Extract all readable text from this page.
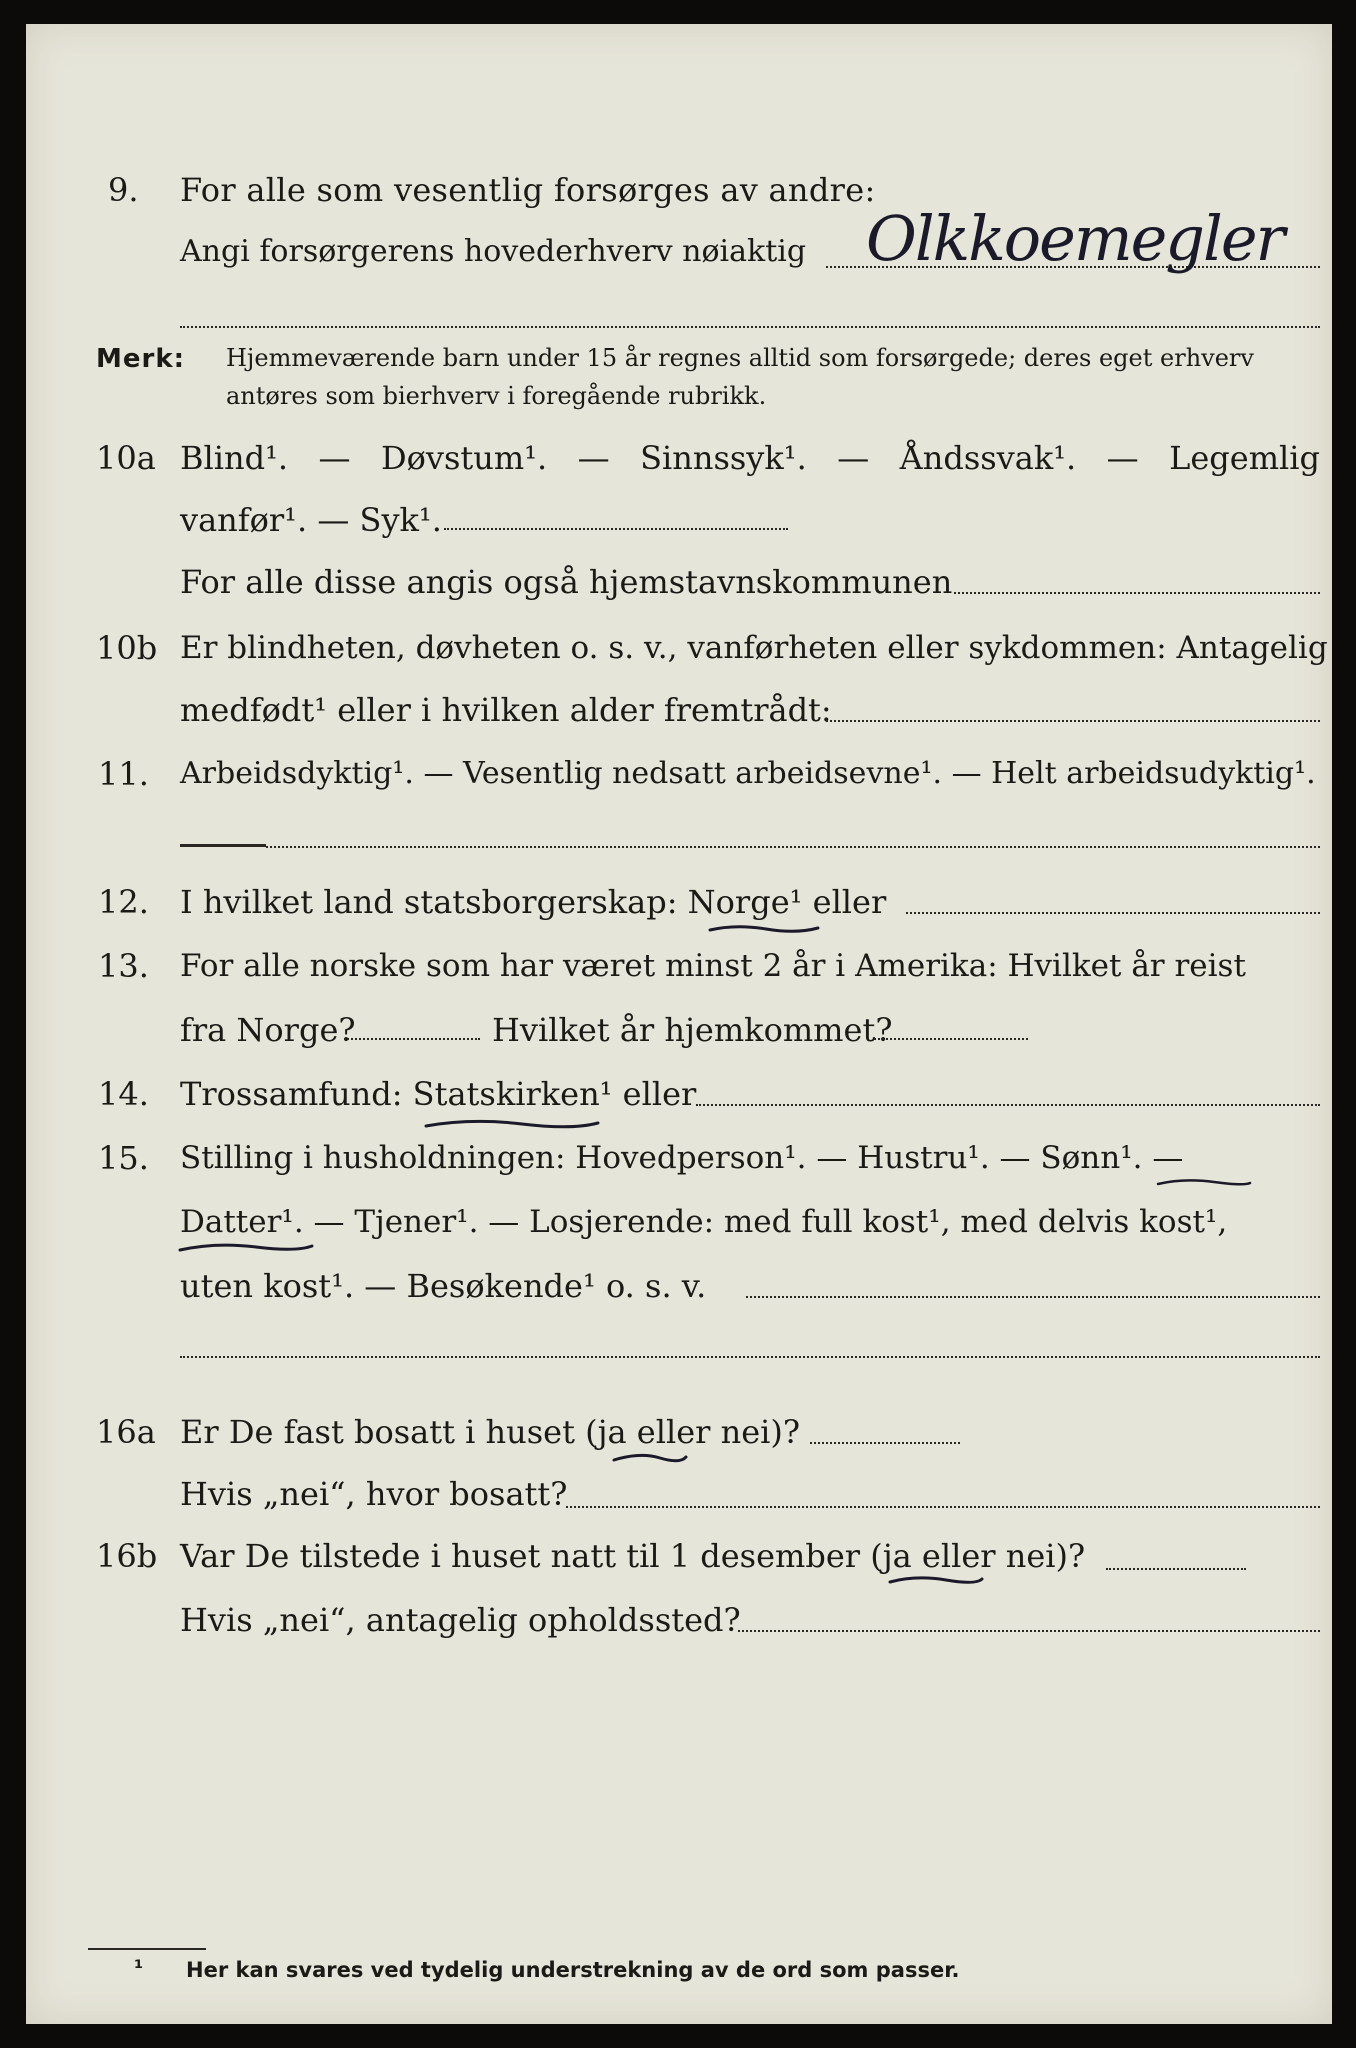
9. For alle som vesentlig forsørges av andre:
Angi forsørgerens hovederhverv nøiaktig Olkkoemegler
Merk: Hjemmeværende barn under 15 år regnes alltid som forsørgede; deres eget erhverv
antøres som bierhverv i foregående rubrikk.
10a Blind¹. — Døvstum¹. — Sinnssyk¹. — Åndssvak¹. — Legemlig
vanfør¹. — Syk¹.
For alle disse angis også hjemstavnskommunen
10b Er blindheten, døvheten o. s. v., vanførheten eller sykdommen: Antagelig
medfødt¹ eller i hvilken alder fremtrådt:
11. Arbeidsdyktig¹. — Vesentlig nedsatt arbeidsevne¹. — Helt arbeidsudyktig¹.
12. I hvilket land statsborgerskap: Norge¹ eller
13. For alle norske som har været minst 2 år i Amerika: Hvilket år reist
fra Norge?	Hvilket år hjemkommet?
14. Trossamfund: Statskirken¹ eller
15. Stilling i husholdningen: Hovedperson¹. — Hustru¹. — Sønn¹. —
Datter¹. — Tjener¹. — Losjerende: med full kost¹, med delvis kost¹,
uten kost¹. — Besøkende¹ o. s. v.
16a Er De fast bosatt i huset (ja eller nei)?
Hvis „nei“, hvor bosatt?
16b Var De tilstede i huset natt til 1 desember (ja eller nei)?
Hvis „nei“, antagelig opholdssted?
¹ Her kan svares ved tydelig understrekning av de ord som passer.
